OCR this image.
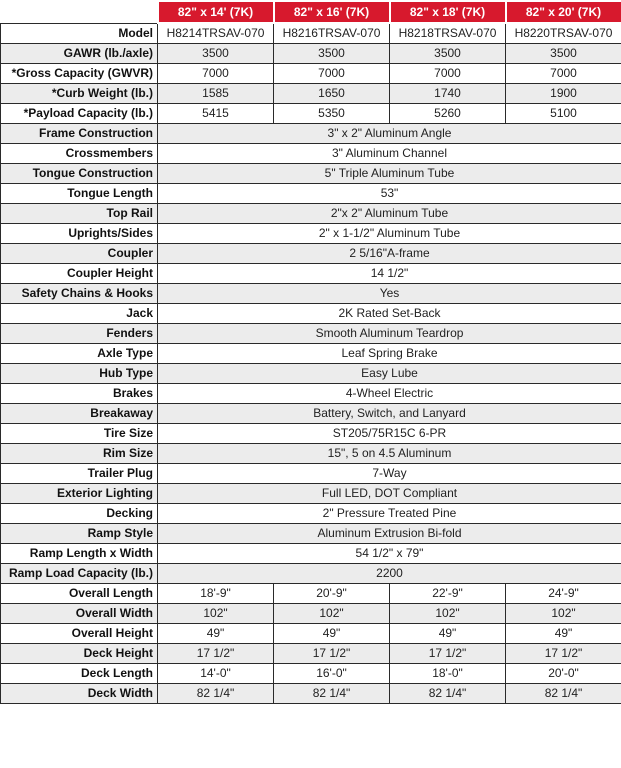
	82" x 14' (7K)	82" x 16' (7K)	82" x 18' (7K)	82" x 20' (7K)
Model	H8214TRSAV-070	H8216TRSAV-070	H8218TRSAV-070	H8220TRSAV-070
GAWR (lb./axle)	3500	3500	3500	3500
*Gross Capacity (GWVR)	7000	7000	7000	7000
*Curb Weight (lb.)	1585	1650	1740	1900
*Payload Capacity (lb.)	5415	5350	5260	5100
Frame Construction	3" x 2" Aluminum Angle			
Crossmembers	3" Aluminum Channel			
Tongue Construction	5" Triple Aluminum Tube			
Tongue Length	53"			
Top Rail	2"x 2" Aluminum Tube			
Uprights/Sides	2" x 1-1/2" Aluminum Tube			
Coupler	2 5/16"A-frame			
Coupler Height	14 1/2"			
Safety Chains & Hooks	Yes			
Jack	2K Rated Set-Back			
Fenders	Smooth Aluminum Teardrop			
Axle Type	Leaf Spring Brake			
Hub Type	Easy Lube			
Brakes	4-Wheel Electric			
Breakaway	Battery, Switch, and Lanyard			
Tire Size	ST205/75R15C 6-PR			
Rim Size	15", 5 on 4.5 Aluminum			
Trailer Plug	7-Way			
Exterior Lighting	Full LED, DOT Compliant			
Decking	2" Pressure Treated Pine			
Ramp Style	Aluminum Extrusion Bi-fold			
Ramp Length x Width	54 1/2" x 79"			
Ramp Load Capacity (lb.)	2200			
Overall Length	18'-9"	20'-9"	22'-9"	24'-9"
Overall Width	102"	102"	102"	102"
Overall Height	49"	49"	49"	49"
Deck Height	17 1/2"	17 1/2"	17 1/2"	17 1/2"
Deck Length	14'-0"	16'-0"	18'-0"	20'-0"
Deck Width	82 1/4"	82 1/4"	82 1/4"	82 1/4"
